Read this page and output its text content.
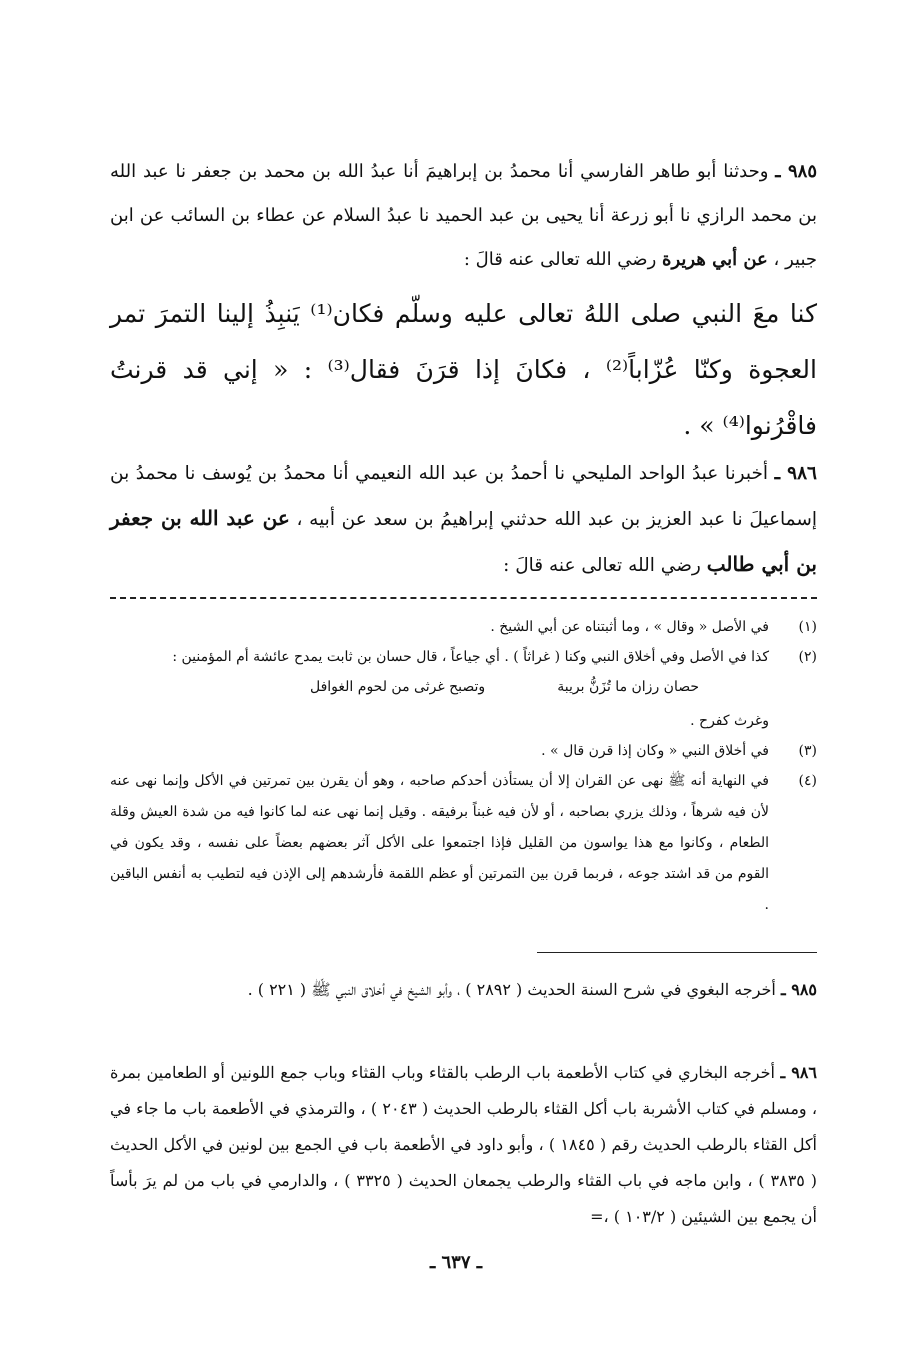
٩٨٥ ـ وحدثنا أبو طاهر الفارسي أنا محمدُ بن إبراهيمَ أنا عبدُ الله بن محمد بن جعفر نا عبد الله بن محمد الرازي نا أبو زرعة أنا يحيى بن عبد الحميد نا عبدُ السلام عن عطاء بن السائب عن ابن جبير ، عن أبي هريرة رضي الله تعالى عنه قالَ :
كنا معَ النبي صلى اللهُ تعالى عليه وسلّم فكان⁽¹⁾ يَنبِذُ إلينا التمرَ تمر العجوة وكنّا عُزّاباً⁽²⁾ ، فكانَ إذا قرَنَ فقال⁽³⁾ : « إني قد قرنتُ فاقْرُنوا⁽⁴⁾ » .
٩٨٦ ـ أخبرنا عبدُ الواحد المليحي نا أحمدُ بن عبد الله النعيمي أنا محمدُ بن يُوسف نا محمدُ بن إسماعيلَ نا عبد العزيز بن عبد الله حدثني إبراهيمُ بن سعد عن أبيه ، عن عبد الله بن جعفر بن أبي طالب رضي الله تعالى عنه قالَ :
(١)
في الأصل « وقال » ، وما أثبتناه عن أبي الشيخ .
(٢)
كذا في الأصل وفي أخلاق النبي وكنا ( غراثاً ) . أي جياعاً ، قال حسان بن ثابت يمدح عائشة أم المؤمنين :
حصان رزان ما تُزَنُّ بريبة
وتصبح غرثى من لحوم الغوافل
وغرث كفرح .
(٣)
في أخلاق النبي « وكان إذا قرن قال » .
(٤)
في النهاية أنه ﷺ نهى عن القران إلا أن يستأذن أحدكم صاحبه ، وهو أن يقرن بين تمرتين في الأكل وإنما نهى عنه لأن فيه شرهاً ، وذلك يزري بصاحبه ، أو لأن فيه غبناً برفيقه . وقيل إنما نهى عنه لما كانوا فيه من شدة العيش وقلة الطعام ، وكانوا مع هذا يواسون من القليل فإذا اجتمعوا على الأكل آثر بعضهم بعضاً على نفسه ، وقد يكون في القوم من قد اشتد جوعه ، فربما قرن بين التمرتين أو عظم اللقمة فأرشدهم إلى الإذن فيه لتطيب به أنفس الباقين .
٩٨٥ ـ أخرجه البغوي في شرح السنة الحديث ( ٢٨٩٢ ) ، وأبو الشيخ في أخلاق النبي ﷺ ( ٢٢١ ) .
٩٨٦ ـ أخرجه البخاري في كتاب الأطعمة باب الرطب بالقثاء وباب القثاء وباب جمع اللونين أو الطعامين بمرة ، ومسلم في كتاب الأشربة باب أكل القثاء بالرطب الحديث ( ٢٠٤٣ ) ، والترمذي في الأطعمة باب ما جاء في أكل القثاء بالرطب الحديث رقم ( ١٨٤٥ ) ، وأبو داود في الأطعمة باب في الجمع بين لونين في الأكل الحديث ( ٣٨٣٥ ) ، وابن ماجه في باب القثاء والرطب يجمعان الحديث ( ٣٣٢٥ ) ، والدارمي في باب من لم يرَ بأساً أن يجمع بين الشيئين ( ١٠٣/٢ ) ،=
ـ ٦٣٧ ـ
